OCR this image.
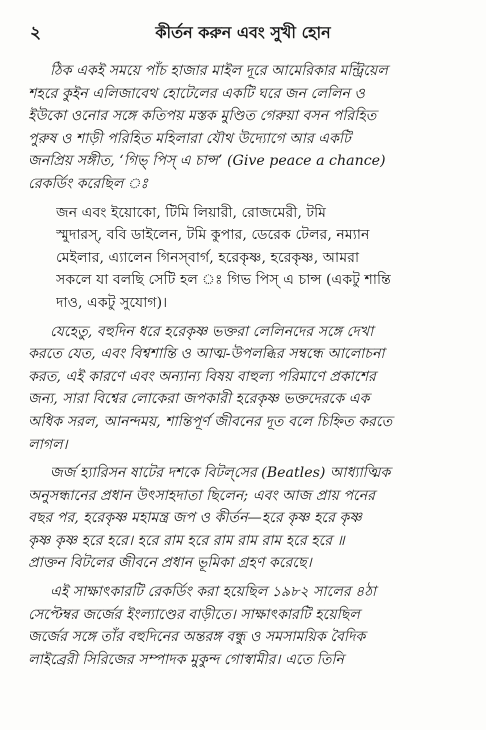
২	কীর্তন করুন এবং সুখী হোন
ঠিক একই সময়ে পাঁচ হাজার মাইল দূরে আমেরিকার মন্ট্রিয়েল
শহরে কুইন এলিজাবেথ হোটেলের একটি ঘরে জন লেলিন ও
ইউকো ওনোর সঙ্গে কতিপয় মস্তক মুণ্ডিত গেরুয়া বসন পরিহিত
পুরুষ ও শাড়ী পরিহিত মহিলারা যৌথ উদ্যোগে আর একটি
জনপ্রিয় সঙ্গীত, ‘গিভ্ পিস্ এ চান্স’ (Give peace a chance)
রেকর্ডিং করেছিল ঃ
জন এবং ইয়োকো, টিমি লিয়ারী, রোজমেরী, টমি
স্মুদারস্, ববি ডাইলেন, টমি কুপার, ডেরেক টেলর, নম্যান
মেইলার, এ্যালেন গিনস্‌বার্গ, হরেকৃষ্ণ, হরেকৃষ্ণ, আমরা
সকলে যা বলছি সেটি হল ঃ গিভ পিস্ এ চান্স (একটু শান্তি
দাও, একটু সুযোগ)।
যেহেতু, বহুদিন ধরে হরেকৃষ্ণ ভক্তরা লেলিনদের সঙ্গে দেখা
করতে যেত, এবং বিশ্বশান্তি ও আত্ম-উপলব্ধির সম্বন্ধে আলোচনা
করত, এই কারণে এবং অন্যান্য বিষয় বাহুল্য পরিমাণে প্রকাশের
জন্য, সারা বিশ্বের লোকেরা জপকারী হরেকৃষ্ণ ভক্তদেরকে এক
অধিক সরল, আনন্দময়, শান্তিপূর্ণ জীবনের দূত বলে চিহ্নিত করতে
লাগল।
জর্জ হ্যারিসন ষাটের দশকে বিটল্‌সের (Beatles) আধ্যাত্মিক
অনুসন্ধানের প্রধান উৎসাহদাতা ছিলেন; এবং আজ প্রায় পনের
বছর পর, হরেকৃষ্ণ মহামন্ত্র জপ ও কীর্তন—হরে কৃষ্ণ হরে কৃষ্ণ
কৃষ্ণ কৃষ্ণ হরে হরে। হরে রাম হরে রাম রাম রাম হরে হরে ॥
প্রাক্তন বিটলের জীবনে প্রধান ভূমিকা গ্রহণ করেছে।
এই সাক্ষাৎকারটি রেকর্ডিং করা হয়েছিল ১৯৮২ সালের ৪ঠা
সেপ্টেম্বর জর্জের ইংল্যাণ্ডের বাড়ীতে। সাক্ষাৎকারটি হয়েছিল
জর্জের সঙ্গে তাঁর বহুদিনের অন্তরঙ্গ বন্ধু ও সমসাময়িক বৈদিক
লাইব্রেরী সিরিজের সম্পাদক মুকুন্দ গোস্বামীর। এতে তিনি
